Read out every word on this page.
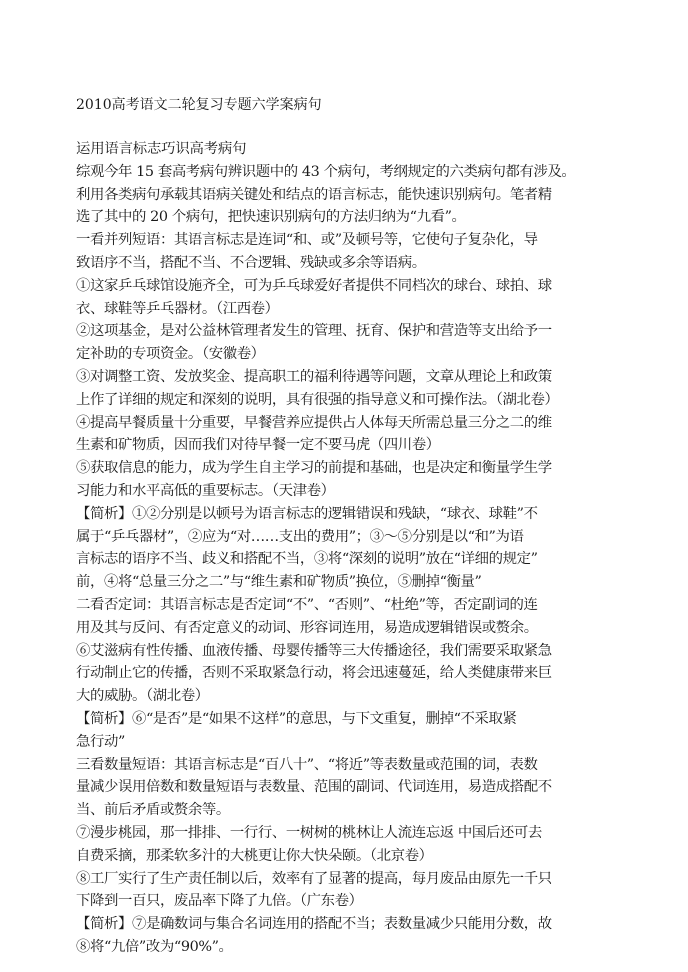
2010高考语文二轮复习专题六学案病句
运用语言标志巧识高考病句
综观今年 15 套高考病句辨识题中的 43 个病句，考纲规定的六类病句都有涉及。
利用各类病句承载其语病关键处和结点的语言标志，能快速识别病句。笔者精
选了其中的 20 个病句，把快速识别病句的方法归纳为“九看”。
一看并列短语：其语言标志是连词“和、或”及顿号等，它使句子复杂化，导
致语序不当，搭配不当、不合逻辑、残缺或多余等语病。
①这家乒乓球馆设施齐全，可为乒乓球爱好者提供不同档次的球台、球拍、球
衣、球鞋等乒乓器材。（江西卷）
②这项基金，是对公益林管理者发生的管理、抚育、保护和营造等支出给予一
定补助的专项资金。（安徽卷）
③对调整工资、发放奖金、提高职工的福利待遇等问题，文章从理论上和政策
上作了详细的规定和深刻的说明，具有很强的指导意义和可操作法。（湖北卷）
④提高早餐质量十分重要，早餐营养应提供占人体每天所需总量三分之二的维
生素和矿物质，因而我们对待早餐一定不要马虎（四川卷）
⑤获取信息的能力，成为学生自主学习的前提和基础，也是决定和衡量学生学
习能力和水平高低的重要标志。（天津卷）
【简析】①②分别是以顿号为语言标志的逻辑错误和残缺，“球衣、球鞋”不
属于“乒乓器材”，②应为“对……支出的费用”；③～⑤分别是以“和”为语
言标志的语序不当、歧义和搭配不当，③将“深刻的说明”放在“详细的规定”
前，④将“总量三分之二”与“维生素和矿物质”换位，⑤删掉“衡量”
二看否定词：其语言标志是否定词“不”、“否则”、“杜绝”等，否定副词的连
用及其与反问、有否定意义的动词、形容词连用，易造成逻辑错误或赘余。
⑥艾滋病有性传播、血液传播、母婴传播等三大传播途径，我们需要采取紧急
行动制止它的传播，否则不采取紧急行动，将会迅速蔓延，给人类健康带来巨
大的威胁。（湖北卷）
【简析】⑥“是否”是“如果不这样”的意思，与下文重复，删掉“不采取紧
急行动”
三看数量短语：其语言标志是“百八十”、“将近”等表数量或范围的词，表数
量减少误用倍数和数量短语与表数量、范围的副词、代词连用，易造成搭配不
当、前后矛盾或赘余等。
⑦漫步桃园，那一排排、一行行、一树树的桃林让人流连忘返 中国后还可去
自费采摘，那柔软多汁的大桃更让你大快朵颐。（北京卷）
⑧工厂实行了生产责任制以后，效率有了显著的提高，每月废品由原先一千只
下降到一百只，废品率下降了九倍。（广东卷）
【简析】⑦是确数词与集合名词连用的搭配不当；表数量减少只能用分数，故
⑧将“九倍”改为“90%”。
